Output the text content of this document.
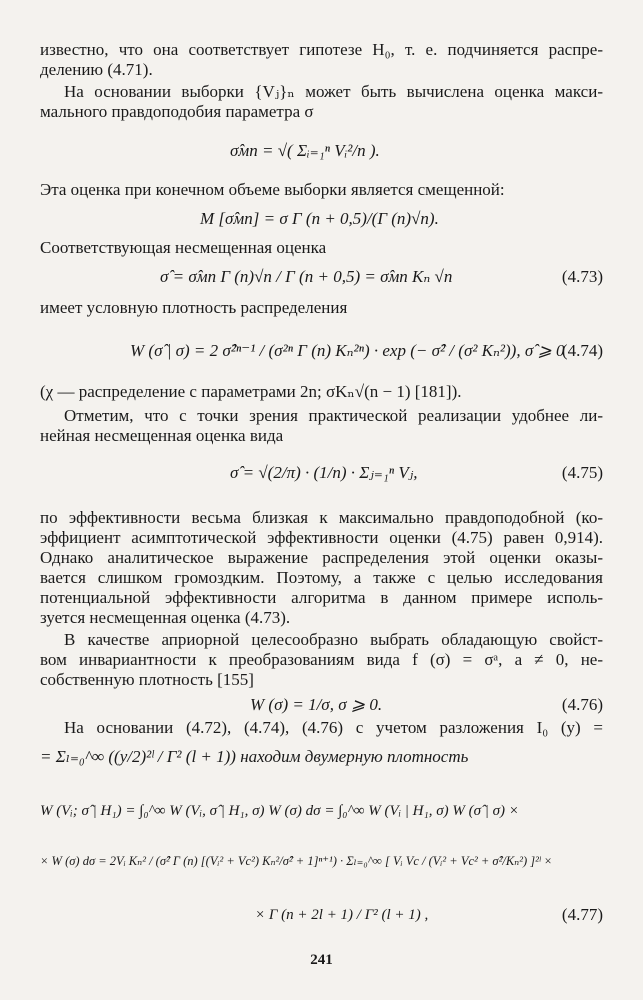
известно, что она соответствует гипотезе H₀, т. е. подчиняется распре-
делению (4.71).
На основании выборки {Vⱼ}ₙ может быть вычислена оценка макси-
мального правдоподобия параметра σ
σ̂мп = √( Σᵢ₌₁ⁿ Vᵢ²/n ).
Эта оценка при конечном объеме выборки является смещенной:
M [σ̂мп] = σ Γ (n + 0,5)/(Γ (n)√n).
Соответствующая несмещенная оценка
σ̂ = σ̂мп Γ (n)√n / Γ (n + 0,5) = σ̂мп Kₙ √n	(4.73)
имеет условную плотность распределения
W (σ̂ | σ) = 2 σ̂²ⁿ⁻¹ / (σ²ⁿ Γ (n) Kₙ²ⁿ) · exp (− σ̂² / (σ² Kₙ²)), σ̂ ⩾ 0
(4.74)
(χ — распределение с параметрами 2n; σKₙ√(n − 1) [181]).
Отметим, что с точки зрения практической реализации удобнее ли-
нейная несмещенная оценка вида
σ̂ = √(2/π) · (1/n) · Σⱼ₌₁ⁿ Vⱼ,	(4.75)
по эффективности весьма близкая к максимально правдоподобной (ко-
эффициент асимптотической эффективности оценки (4.75) равен 0,914).
Однако аналитическое выражение распределения этой оценки оказы-
вается слишком громоздким. Поэтому, а также с целью исследования
потенциальной эффективности алгоритма в данном примере исполь-
зуется несмещенная оценка (4.73).
В качестве априорной целесообразно выбрать обладающую свойст-
вом инвариантности к преобразованиям вида f (σ) = σᵃ, a ≠ 0, не-
собственную плотность [155]
W (σ) = 1/σ, σ ⩾ 0.	(4.76)
На основании (4.72), (4.74), (4.76) с учетом разложения I₀ (y) =
= Σₗ₌₀^∞ ((y/2)²ˡ / Γ² (l + 1)) находим двумерную плотность
W (Vᵢ; σ̂ | H₁) = ∫₀^∞ W (Vᵢ, σ̂ | H₁, σ) W (σ) dσ = ∫₀^∞ W (Vᵢ | H₁, σ) W (σ̂ | σ) ×
× W (σ) dσ = 2Vᵢ Kₙ² / (σ̂² Γ (n) [(Vᵢ² + Vc²) Kₙ²/σ̂² + 1]ⁿ⁺¹) · Σₗ₌₀^∞ [ Vᵢ Vc / (Vᵢ² + Vc² + σ̂²/Kₙ²) ]²ˡ ×
× Γ (n + 2l + 1) / Γ² (l + 1) ,	(4.77)
241
